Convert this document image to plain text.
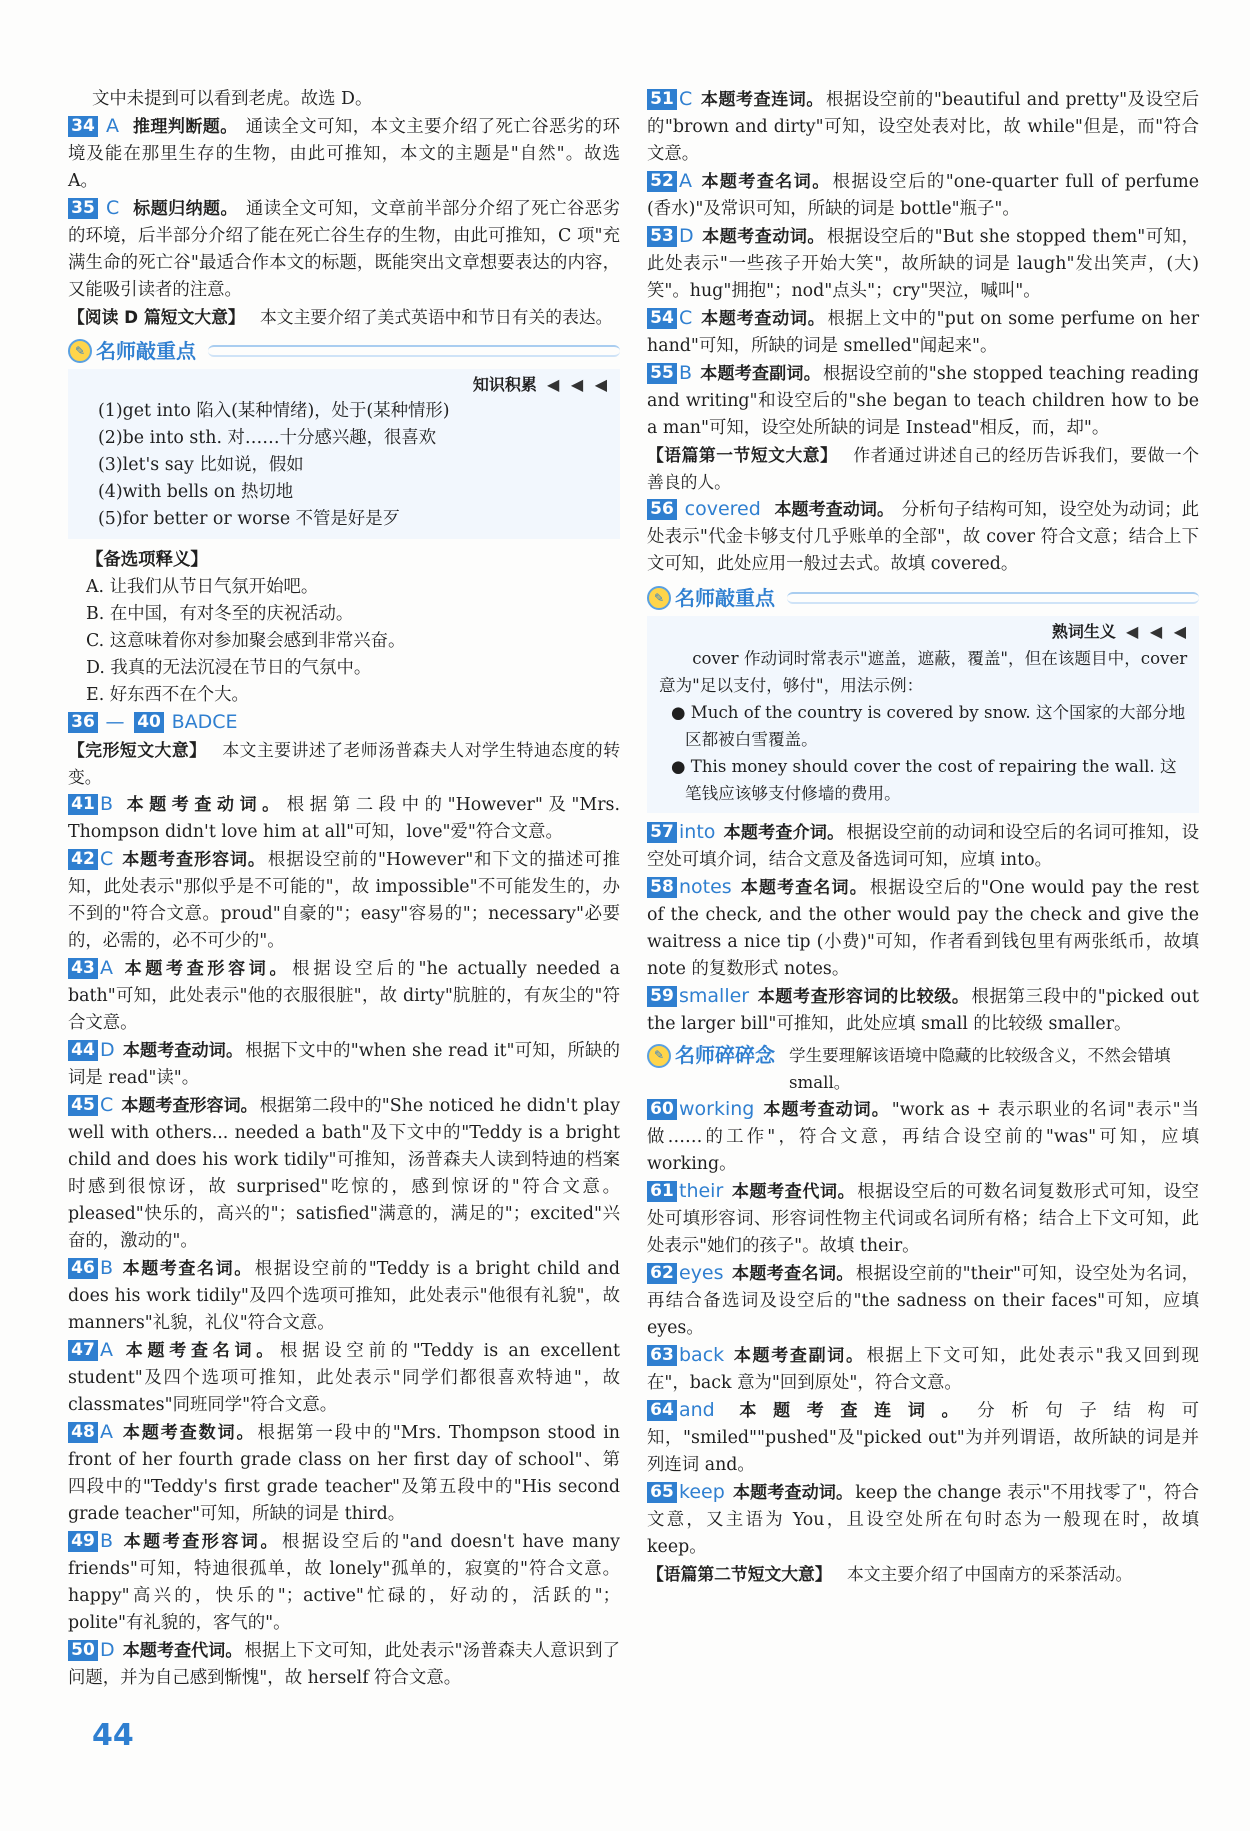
文中未提到可以看到老虎。故选 D。
34 A 推理判断题。 通读全文可知，本文主要介绍了死亡谷恶劣的环境及能在那里生存的生物，由此可推知，本文的主题是"自然"。故选 A。
35 C 标题归纳题。 通读全文可知，文章前半部分介绍了死亡谷恶劣的环境，后半部分介绍了能在死亡谷生存的生物，由此可推知，C 项"充满生命的死亡谷"最适合作本文的标题，既能突出文章想要表达的内容，又能吸引读者的注意。
【阅读 D 篇短文大意】 本文主要介绍了美式英语中和节日有关的表达。
✎ 名师敲重点
知识积累 ◀ ◀ ◀
(1)get into 陷入(某种情绪)，处于(某种情形)
(2)be into sth. 对……十分感兴趣，很喜欢
(3)let's say 比如说，假如
(4)with bells on 热切地
(5)for better or worse 不管是好是歹
【备选项释义】
A. 让我们从节日气氛开始吧。
B. 在中国，有对冬至的庆祝活动。
C. 这意味着你对参加聚会感到非常兴奋。
D. 我真的无法沉浸在节日的气氛中。
E. 好东西不在个大。
36 — 40 BADCE
【完形短文大意】 本文主要讲述了老师汤普森夫人对学生特迪态度的转变。
41 B 本题考查动词。 根据第二段中的"However"及"Mrs. Thompson didn't love him at all"可知，love"爱"符合文意。
42 C 本题考查形容词。 根据设空前的"However"和下文的描述可推知，此处表示"那似乎是不可能的"，故 impossible"不可能发生的，办不到的"符合文意。proud"自豪的"；easy"容易的"；necessary"必要的，必需的，必不可少的"。
43 A 本题考查形容词。 根据设空后的"he actually needed a bath"可知，此处表示"他的衣服很脏"，故 dirty"肮脏的，有灰尘的"符合文意。
44 D 本题考查动词。 根据下文中的"when she read it"可知，所缺的词是 read"读"。
45 C 本题考查形容词。 根据第二段中的"She noticed he didn't play well with others... needed a bath"及下文中的"Teddy is a bright child and does his work tidily"可推知，汤普森夫人读到特迪的档案时感到很惊讶，故 surprised"吃惊的，感到惊讶的"符合文意。pleased"快乐的，高兴的"；satisfied"满意的，满足的"；excited"兴奋的，激动的"。
46 B 本题考查名词。 根据设空前的"Teddy is a bright child and does his work tidily"及四个选项可推知，此处表示"他很有礼貌"，故 manners"礼貌，礼仪"符合文意。
47 A 本题考查名词。 根据设空前的"Teddy is an excellent student"及四个选项可推知，此处表示"同学们都很喜欢特迪"，故 classmates"同班同学"符合文意。
48 A 本题考查数词。 根据第一段中的"Mrs. Thompson stood in front of her fourth grade class on her first day of school"、第四段中的"Teddy's first grade teacher"及第五段中的"His second grade teacher"可知，所缺的词是 third。
49 B 本题考查形容词。 根据设空后的"and doesn't have many friends"可知，特迪很孤单，故 lonely"孤单的，寂寞的"符合文意。happy"高兴的，快乐的"；active"忙碌的，好动的，活跃的"；polite"有礼貌的，客气的"。
50 D 本题考查代词。 根据上下文可知，此处表示"汤普森夫人意识到了问题，并为自己感到惭愧"，故 herself 符合文意。
51 C 本题考查连词。 根据设空前的"beautiful and pretty"及设空后的"brown and dirty"可知，设空处表对比，故 while"但是，而"符合文意。
52 A 本题考查名词。 根据设空后的"one-quarter full of perfume (香水)"及常识可知，所缺的词是 bottle"瓶子"。
53 D 本题考查动词。 根据设空后的"But she stopped them"可知，此处表示"一些孩子开始大笑"，故所缺的词是 laugh"发出笑声，(大)笑"。hug"拥抱"；nod"点头"；cry"哭泣，喊叫"。
54 C 本题考查动词。 根据上文中的"put on some perfume on her hand"可知，所缺的词是 smelled"闻起来"。
55 B 本题考查副词。 根据设空前的"she stopped teaching reading and writing"和设空后的"she began to teach children how to be a man"可知，设空处所缺的词是 Instead"相反，而，却"。
【语篇第一节短文大意】 作者通过讲述自己的经历告诉我们，要做一个善良的人。
56 covered 本题考查动词。 分析句子结构可知，设空处为动词；此处表示"代金卡够支付几乎账单的全部"，故 cover 符合文意；结合上下文可知，此处应用一般过去式。故填 covered。
✎ 名师敲重点
熟词生义 ◀ ◀ ◀
cover 作动词时常表示"遮盖，遮蔽，覆盖"，但在该题目中，cover 意为"足以支付，够付"，用法示例：
● Much of the country is covered by snow. 这个国家的大部分地区都被白雪覆盖。
● This money should cover the cost of repairing the wall. 这笔钱应该够支付修墙的费用。
57 into 本题考查介词。 根据设空前的动词和设空后的名词可推知，设空处可填介词，结合文意及备选词可知，应填 into。
58 notes 本题考查名词。 根据设空后的"One would pay the rest of the check, and the other would pay the check and give the waitress a nice tip (小费)"可知，作者看到钱包里有两张纸币，故填 note 的复数形式 notes。
59 smaller 本题考查形容词的比较级。 根据第三段中的"picked out the larger bill"可推知，此处应填 small 的比较级 smaller。
✎ 名师碎碎念 学生要理解该语境中隐藏的比较级含义，不然会错填 small。
60 working 本题考查动词。 "work as + 表示职业的名词"表示"当做……的工作"，符合文意，再结合设空前的"was"可知，应填 working。
61 their 本题考查代词。 根据设空后的可数名词复数形式可知，设空处可填形容词、形容词性物主代词或名词所有格；结合上下文可知，此处表示"她们的孩子"。故填 their。
62 eyes 本题考查名词。 根据设空前的"their"可知，设空处为名词，再结合备选词及设空后的"the sadness on their faces"可知，应填 eyes。
63 back 本题考查副词。 根据上下文可知，此处表示"我又回到现在"，back 意为"回到原处"，符合文意。
64 and 本题考查连词。 分析句子结构可知，"smiled""pushed"及"picked out"为并列谓语，故所缺的词是并列连词 and。
65 keep 本题考查动词。 keep the change 表示"不用找零了"，符合文意，又主语为 You，且设空处所在句时态为一般现在时，故填 keep。
【语篇第二节短文大意】 本文主要介绍了中国南方的采茶活动。
44
